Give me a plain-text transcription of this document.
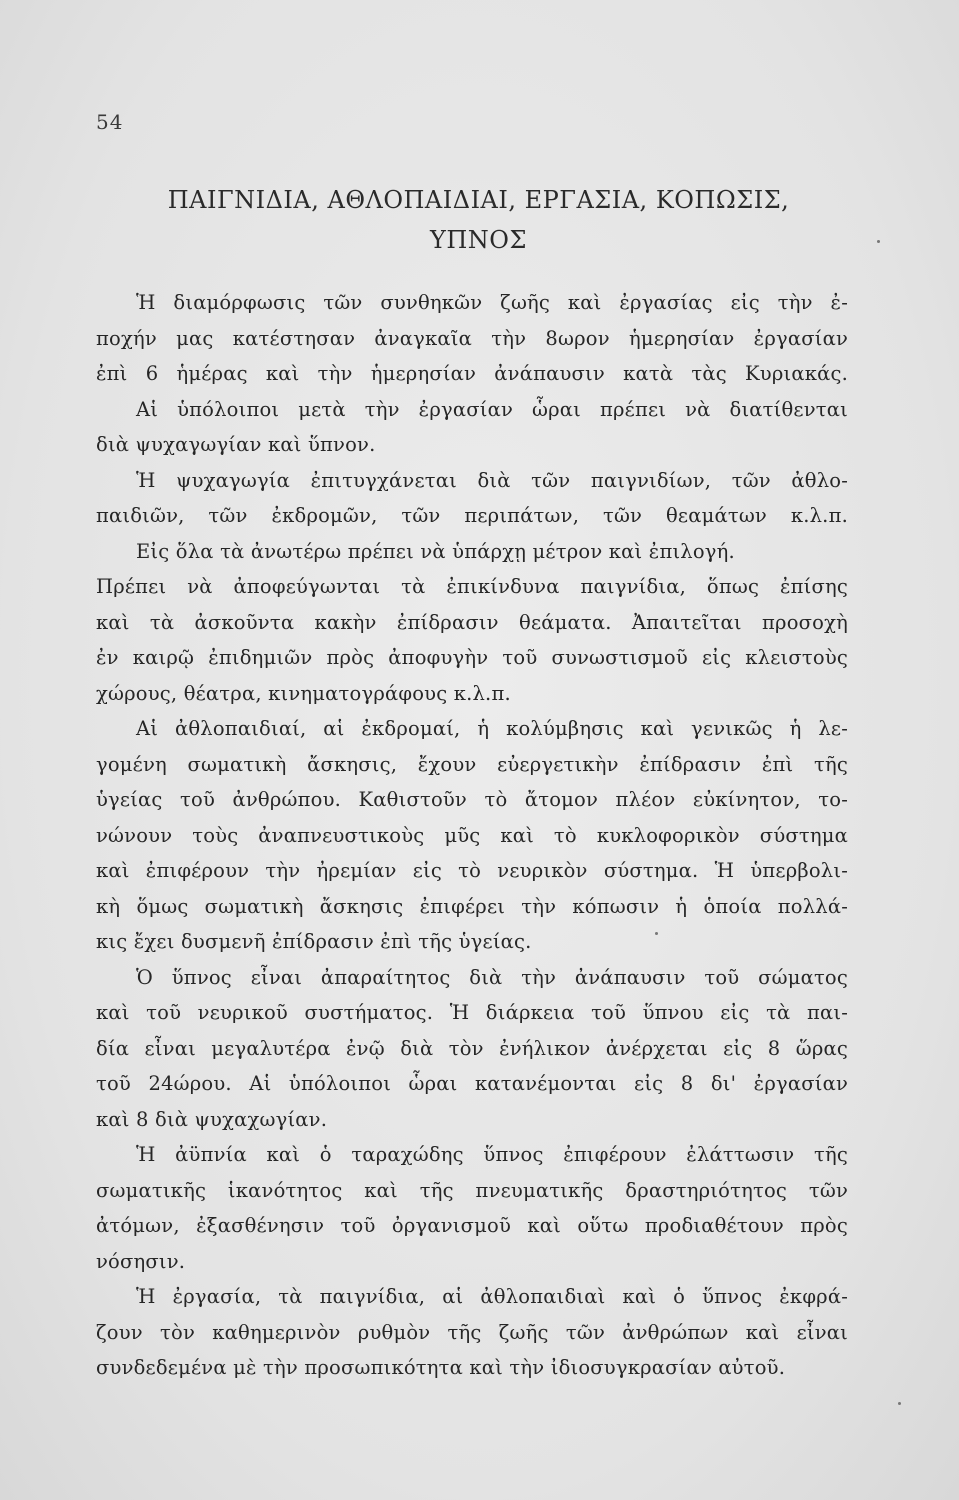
54
ΠΑΙΓΝΙΔΙΑ, ΑΘΛΟΠΑΙΔΙΑΙ, ΕΡΓΑΣΙΑ, ΚΟΠΩΣΙΣ,
ΥΠΝΟΣ
Ἡ διαμόρφωσις τῶν συνθηκῶν ζωῆς καὶ ἐργασίας εἰς τὴν ἐ-
ποχήν μας κατέστησαν ἀναγκαῖα τὴν 8ωρον ἡμερησίαν ἐργασίαν
ἐπὶ 6 ἡμέρας καὶ τὴν ἡμερησίαν ἀνάπαυσιν κατὰ τὰς Κυριακάς.
Αἱ ὑπόλοιποι μετὰ τὴν ἐργασίαν ὧραι πρέπει νὰ διατίθενται
διὰ ψυχαγωγίαν καὶ ὕπνον.
Ἡ ψυχαγωγία ἐπιτυγχάνεται διὰ τῶν παιγνιδίων, τῶν ἀθλο-
παιδιῶν, τῶν ἐκδρομῶν, τῶν περιπάτων, τῶν θεαμάτων κ.λ.π.
Εἰς ὅλα τὰ ἀνωτέρω πρέπει νὰ ὑπάρχῃ μέτρον καὶ ἐπιλογή.
Πρέπει νὰ ἀποφεύγωνται τὰ ἐπικίνδυνα παιγνίδια, ὅπως ἐπίσης
καὶ τὰ ἀσκοῦντα κακὴν ἐπίδρασιν θεάματα. Ἀπαιτεῖται προσοχὴ
ἐν καιρῷ ἐπιδημιῶν πρὸς ἀποφυγὴν τοῦ συνωστισμοῦ εἰς κλειστοὺς
χώρους, θέατρα, κινηματογράφους κ.λ.π.
Αἱ ἀθλοπαιδιαί, αἱ ἐκδρομαί, ἡ κολύμβησις καὶ γενικῶς ἡ λε-
γομένη σωματικὴ ἄσκησις, ἔχουν εὐεργετικὴν ἐπίδρασιν ἐπὶ τῆς
ὑγείας τοῦ ἀνθρώπου. Καθιστοῦν τὸ ἄτομον πλέον εὐκίνητον, το-
νώνουν τοὺς ἀναπνευστικοὺς μῦς καὶ τὸ κυκλοφορικὸν σύστημα
καὶ ἐπιφέρουν τὴν ἠρεμίαν εἰς τὸ νευρικὸν σύστημα. Ἡ ὑπερβολι-
κὴ ὅμως σωματικὴ ἄσκησις ἐπιφέρει τὴν κόπωσιν ἡ ὁποία πολλά-
κις ἔχει δυσμενῆ ἐπίδρασιν ἐπὶ τῆς ὑγείας.
Ὁ ὕπνος εἶναι ἀπαραίτητος διὰ τὴν ἀνάπαυσιν τοῦ σώματος
καὶ τοῦ νευρικοῦ συστήματος. Ἡ διάρκεια τοῦ ὕπνου εἰς τὰ παι-
δία εἶναι μεγαλυτέρα ἐνῷ διὰ τὸν ἐνήλικον ἀνέρχεται εἰς 8 ὥρας
τοῦ 24ώρου. Αἱ ὑπόλοιποι ὧραι κατανέμονται εἰς 8 δι' ἐργασίαν
καὶ 8 διὰ ψυχαχωγίαν.
Ἡ ἀϋπνία καὶ ὁ ταραχώδης ὕπνος ἐπιφέρουν ἐλάττωσιν τῆς
σωματικῆς ἱκανότητος καὶ τῆς πνευματικῆς δραστηριότητος τῶν
ἀτόμων, ἐξασθένησιν τοῦ ὀργανισμοῦ καὶ οὕτω προδιαθέτουν πρὸς
νόσησιν.
Ἡ ἐργασία, τὰ παιγνίδια, αἱ ἀθλοπαιδιαὶ καὶ ὁ ὕπνος ἐκφρά-
ζουν τὸν καθημερινὸν ρυθμὸν τῆς ζωῆς τῶν ἀνθρώπων καὶ εἶναι
συνδεδεμένα μὲ τὴν προσωπικότητα καὶ τὴν ἰδιοσυγκρασίαν αὐτοῦ.
